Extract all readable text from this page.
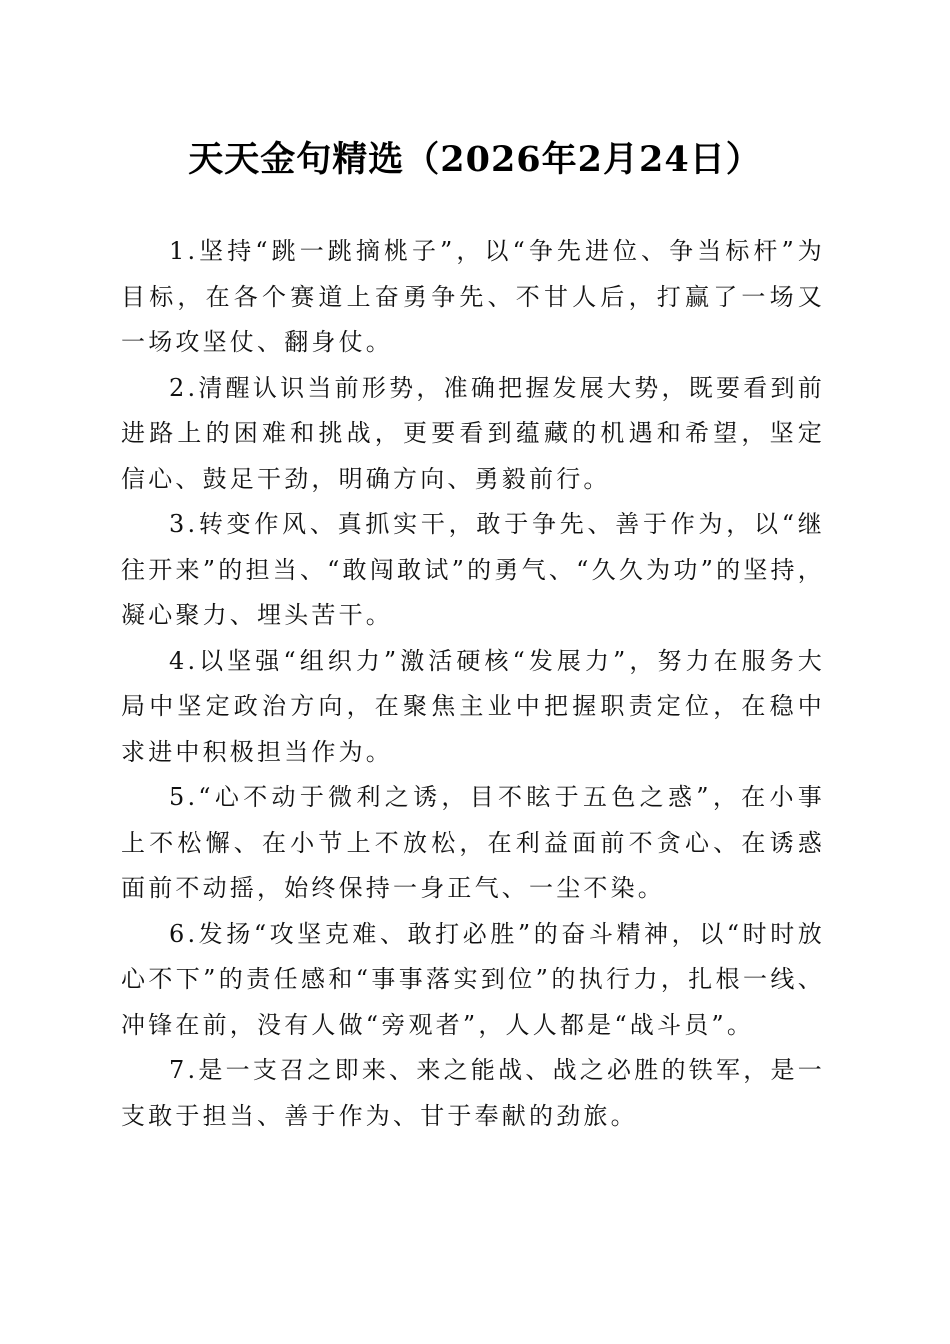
天天金句精选（2026年2月24日）

1.坚持“跳一跳摘桃子”，以“争先进位、争当标杆”为目标，在各个赛道上奋勇争先、不甘人后，打赢了一场又一场攻坚仗、翻身仗。

2.清醒认识当前形势，准确把握发展大势，既要看到前进路上的困难和挑战，更要看到蕴藏的机遇和希望，坚定信心、鼓足干劲，明确方向、勇毅前行。

3.转变作风、真抓实干，敢于争先、善于作为，以“继往开来”的担当、“敢闯敢试”的勇气、“久久为功”的坚持，凝心聚力、埋头苦干。

4.以坚强“组织力”激活硬核“发展力”，努力在服务大局中坚定政治方向，在聚焦主业中把握职责定位，在稳中求进中积极担当作为。

5.“心不动于微利之诱，目不眩于五色之惑”，在小事上不松懈、在小节上不放松，在利益面前不贪心、在诱惑面前不动摇，始终保持一身正气、一尘不染。

6.发扬“攻坚克难、敢打必胜”的奋斗精神，以“时时放心不下”的责任感和“事事落实到位”的执行力，扎根一线、冲锋在前，没有人做“旁观者”，人人都是“战斗员”。

7.是一支召之即来、来之能战、战之必胜的铁军，是一支敢于担当、善于作为、甘于奉献的劲旅。
